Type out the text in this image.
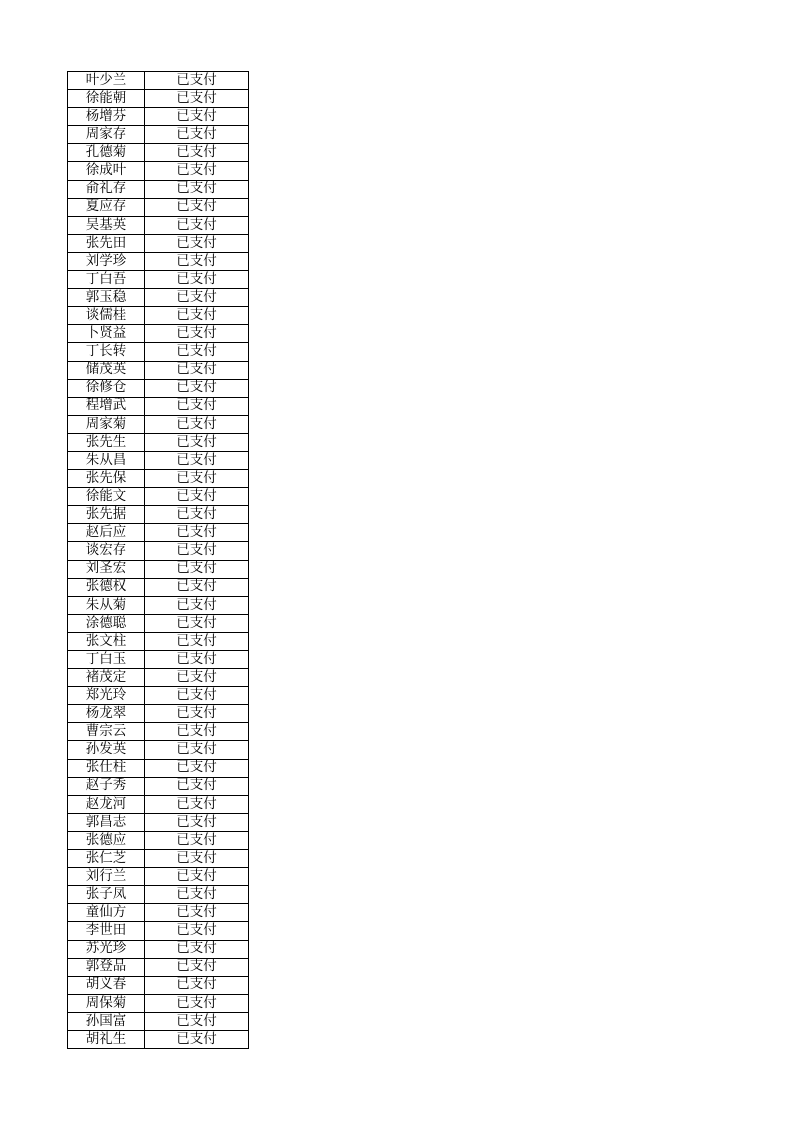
叶少兰	已支付
徐能朝	已支付
杨增芬	已支付
周家存	已支付
孔德菊	已支付
徐成叶	已支付
俞礼存	已支付
夏应存	已支付
吴基英	已支付
张先田	已支付
刘学珍	已支付
丁白吾	已支付
郭玉稳	已支付
谈儒桂	已支付
卜贤益	已支付
丁长转	已支付
储茂英	已支付
徐修仓	已支付
程增武	已支付
周家菊	已支付
张先生	已支付
朱从昌	已支付
张先保	已支付
徐能文	已支付
张先据	已支付
赵后应	已支付
谈宏存	已支付
刘圣宏	已支付
张德权	已支付
朱从菊	已支付
涂德聪	已支付
张文柱	已支付
丁白玉	已支付
褚茂定	已支付
郑光玲	已支付
杨龙翠	已支付
曹宗云	已支付
孙发英	已支付
张仕柱	已支付
赵子秀	已支付
赵龙河	已支付
郭昌志	已支付
张德应	已支付
张仁芝	已支付
刘行兰	已支付
张子凤	已支付
童仙方	已支付
李世田	已支付
苏光珍	已支付
郭登品	已支付
胡义春	已支付
周保菊	已支付
孙国富	已支付
胡礼生	已支付
